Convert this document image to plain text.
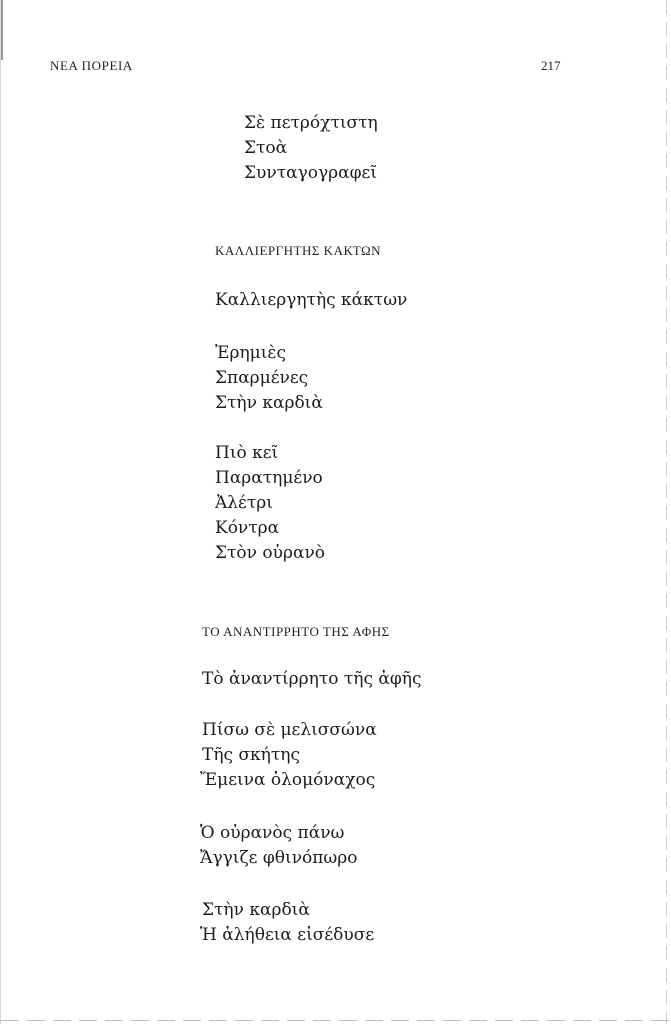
ΝΕΑ ΠΟΡΕΙΑ	217
Σὲ πετρόχτιστη
Στοὰ
Συνταγογραφεῖ
ΚΑΛΛΙΕΡΓΗΤΗΣ ΚΑΚΤΩΝ
Καλλιεργητὴς κάκτων
Ἐρημιὲς
Σπαρμένες
Στὴν καρδιὰ
Πιὸ κεῖ
Παρατημένο
Ἀλέτρι
Κόντρα
Στὸν οὐρανὸ
ΤΟ ΑΝΑΝΤΙΡΡΗΤΟ ΤΗΣ ΑΦΗΣ
Τὸ ἀναντίρρητο τῆς ἀφῆς
Πίσω σὲ μελισσώνα
Τῆς σκήτης
Ἔμεινα ὁλομόναχος
Ὁ οὐρανὸς πάνω
Ἄγγιζε φθινόπωρο
Στὴν καρδιὰ
Ἡ ἀλήθεια εἰσέδυσε
